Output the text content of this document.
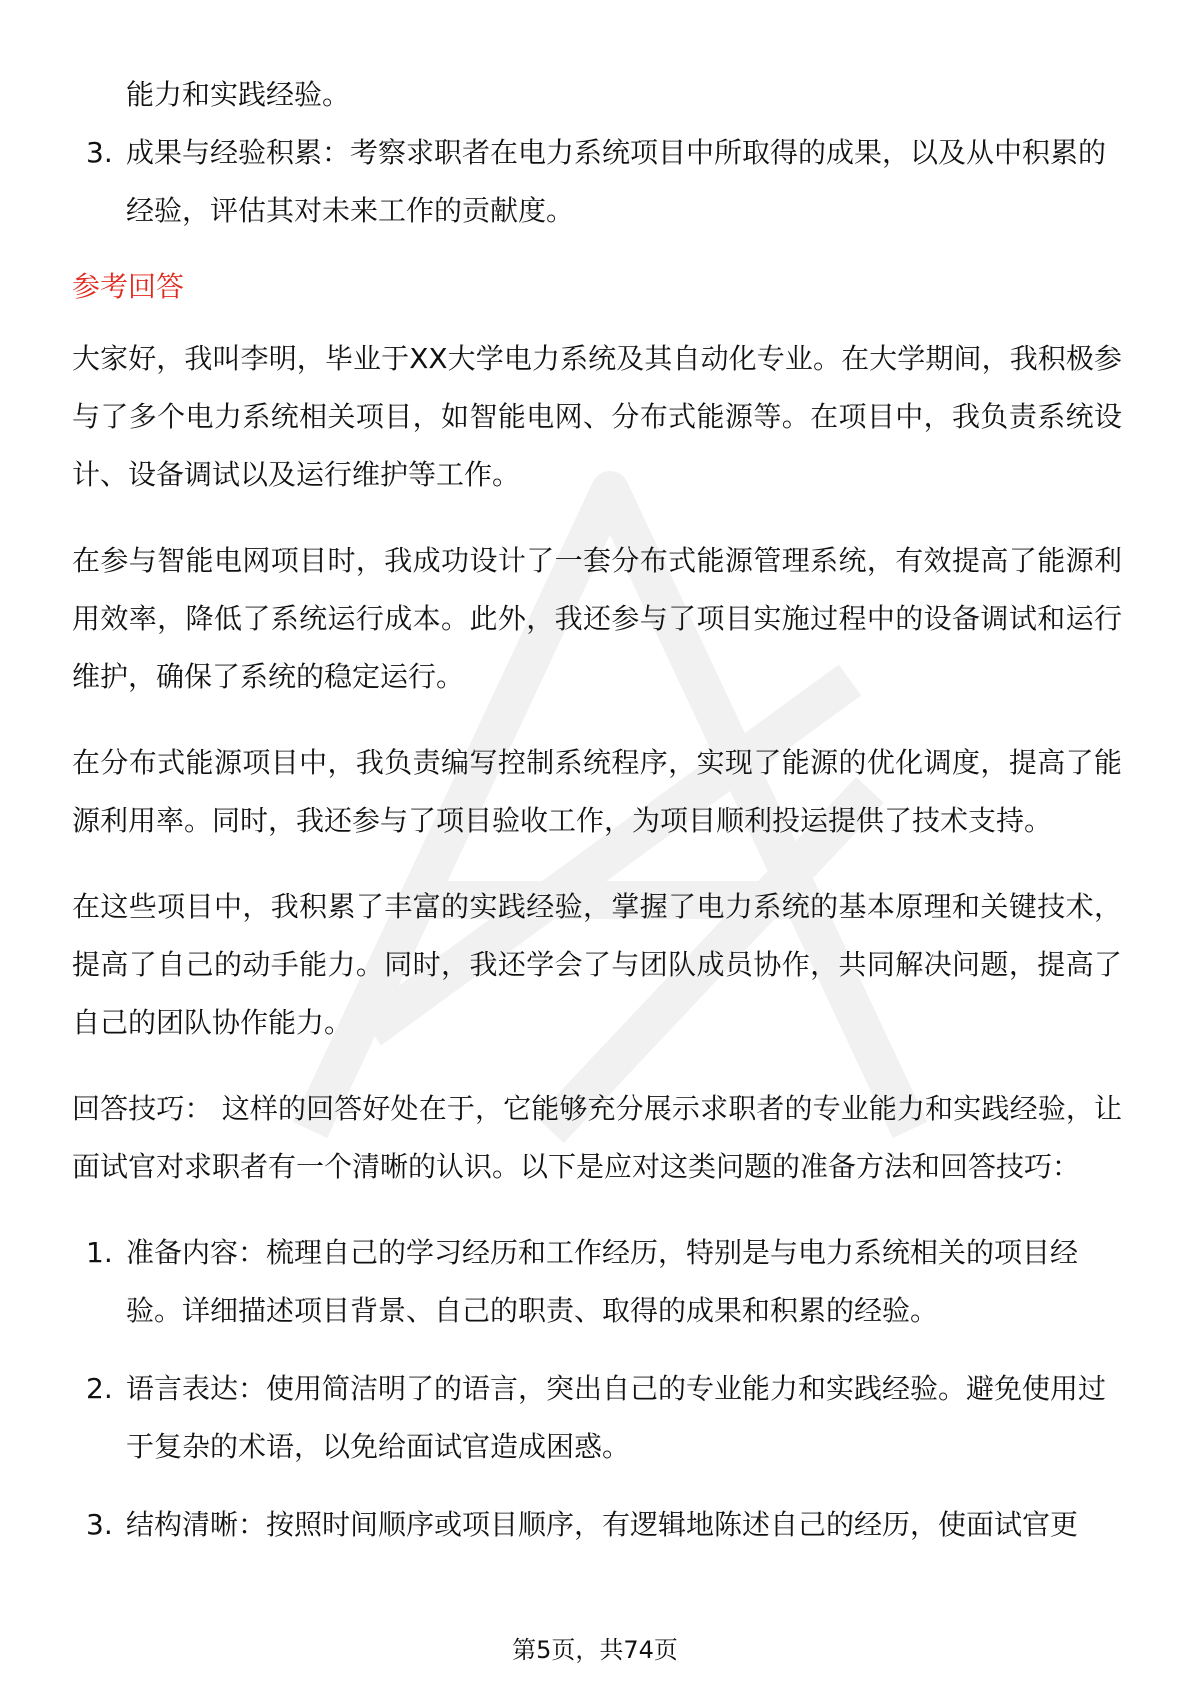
能力和实践经验。
3. 成果与经验积累：考察求职者在电力系统项目中所取得的成果，以及从中积累的经验，评估其对未来工作的贡献度。
参考回答

大家好，我叫李明，毕业于XX大学电力系统及其自动化专业。在大学期间，我积极参与了多个电力系统相关项目，如智能电网、分布式能源等。在项目中，我负责系统设计、设备调试以及运行维护等工作。

在参与智能电网项目时，我成功设计了一套分布式能源管理系统，有效提高了能源利用效率，降低了系统运行成本。此外，我还参与了项目实施过程中的设备调试和运行维护，确保了系统的稳定运行。

在分布式能源项目中，我负责编写控制系统程序，实现了能源的优化调度，提高了能源利用率。同时，我还参与了项目验收工作，为项目顺利投运提供了技术支持。

在这些项目中，我积累了丰富的实践经验，掌握了电力系统的基本原理和关键技术，提高了自己的动手能力。同时，我还学会了与团队成员协作，共同解决问题，提高了自己的团队协作能力。

回答技巧： 这样的回答好处在于，它能够充分展示求职者的专业能力和实践经验，让面试官对求职者有一个清晰的认识。以下是应对这类问题的准备方法和回答技巧：

1. 准备内容：梳理自己的学习经历和工作经历，特别是与电力系统相关的项目经验。详细描述项目背景、自己的职责、取得的成果和积累的经验。
2. 语言表达：使用简洁明了的语言，突出自己的专业能力和实践经验。避免使用过于复杂的术语，以免给面试官造成困惑。
3. 结构清晰：按照时间顺序或项目顺序，有逻辑地陈述自己的经历，使面试官更
第5页，共74页
